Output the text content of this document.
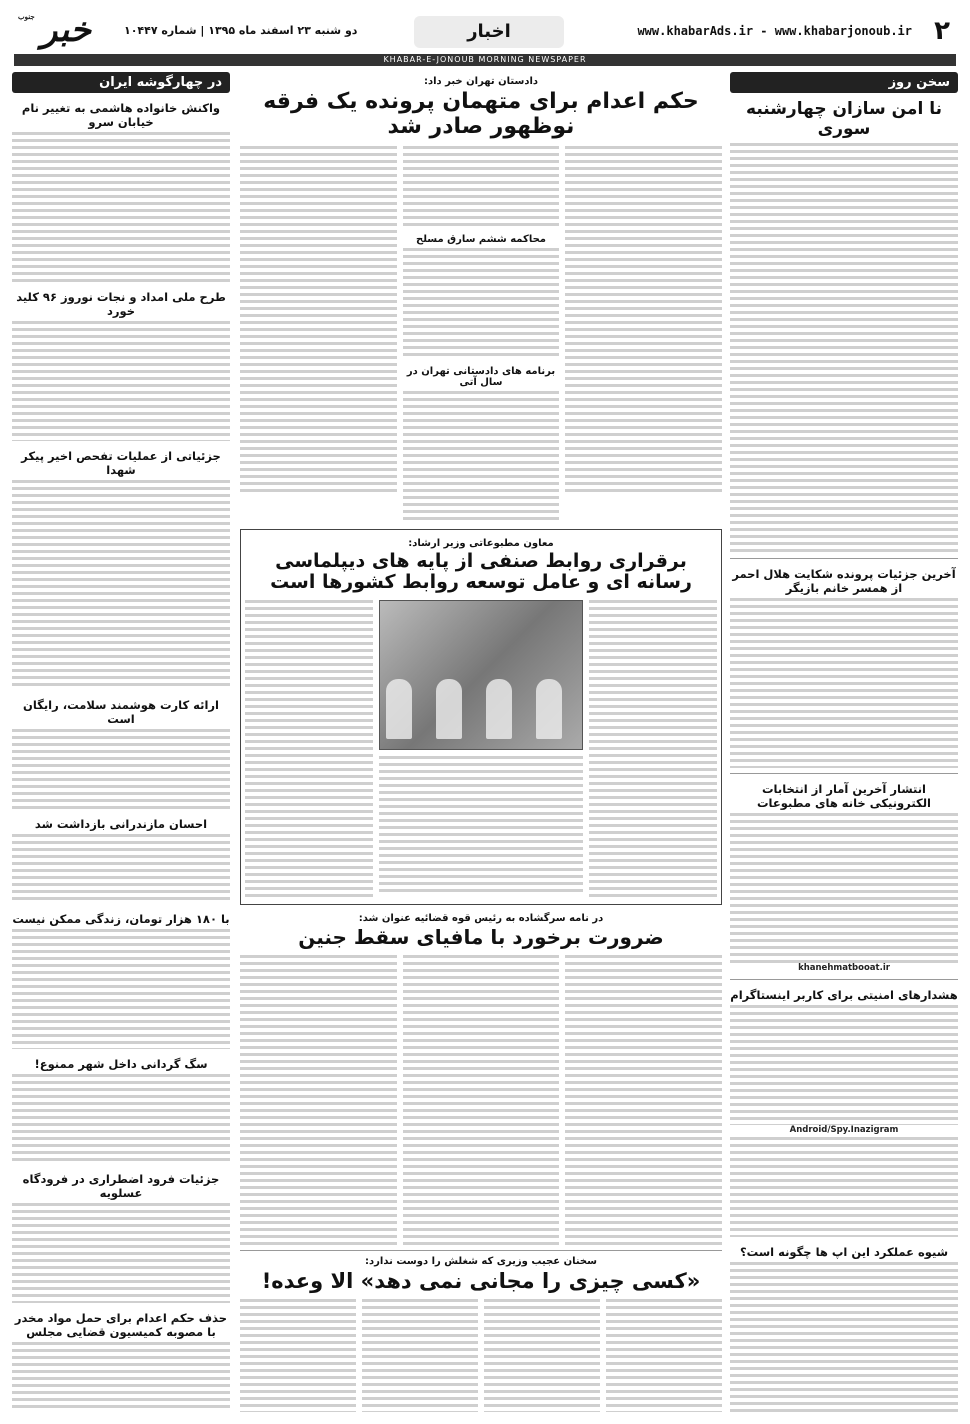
۲
www.khabarAds.ir - www.khabarjonoub.ir
اخبار
دو شنبه ۲۳ اسفند ماه ۱۳۹۵ | شماره ۱۰۴۴۷
جنوب خبر
KHABAR-E-JONOUB MORNING NEWSPAPER
سخن روز
نا امن سازان چهارشنبه سوری
آخرین جزئیات پرونده شکایت هلال احمر از همسر خانم بازیگر
انتشار آخرین آمار از انتخابات الکترونیکی خانه های مطبوعات
khanehmatbooat.ir
هشدارهای امنیتی برای کاربر اینستاگرام
Android/Spy.Inazigram
شیوه عملکرد این اپ ها چگونه است؟
دادستان تهران خبر داد:
حکم اعدام برای متهمان پرونده یک فرقه نوظهور صادر شد
محاکمه ششم سارق مسلح
برنامه های دادستانی تهران در سال آتی
معاون مطبوعاتی وزیر ارشاد:
برقراری روابط صنفی از پایه های دیپلماسی رسانه ای و عامل توسعه روابط کشورها است
در نامه سرگشاده به رئیس قوه قضائیه عنوان شد:
ضرورت برخورد با مافیای سقط جنین
سخنان عجیب وزیری که شغلش را دوست ندارد:
«کسی چیزی را مجانی نمی دهد» الا وعده!
در چهارگوشه ایران
واکنش خانواده هاشمی به تغییر نام خیابان سرو
طرح ملی امداد و نجات نوروز ۹۶ کلید خورد
جزئیاتی از عملیات تفحص اخیر پیکر شهدا
ارائه کارت هوشمند سلامت، رایگان است
احسان مازندرانی بازداشت شد
با ۱۸۰ هزار تومان، زندگی ممکن نیست
سگ گردانی داخل شهر ممنوع!
جزئیات فرود اضطراری در فرودگاه عسلویه
حذف حکم اعدام برای حمل مواد مخدر با مصوبه کمیسیون قضایی مجلس
